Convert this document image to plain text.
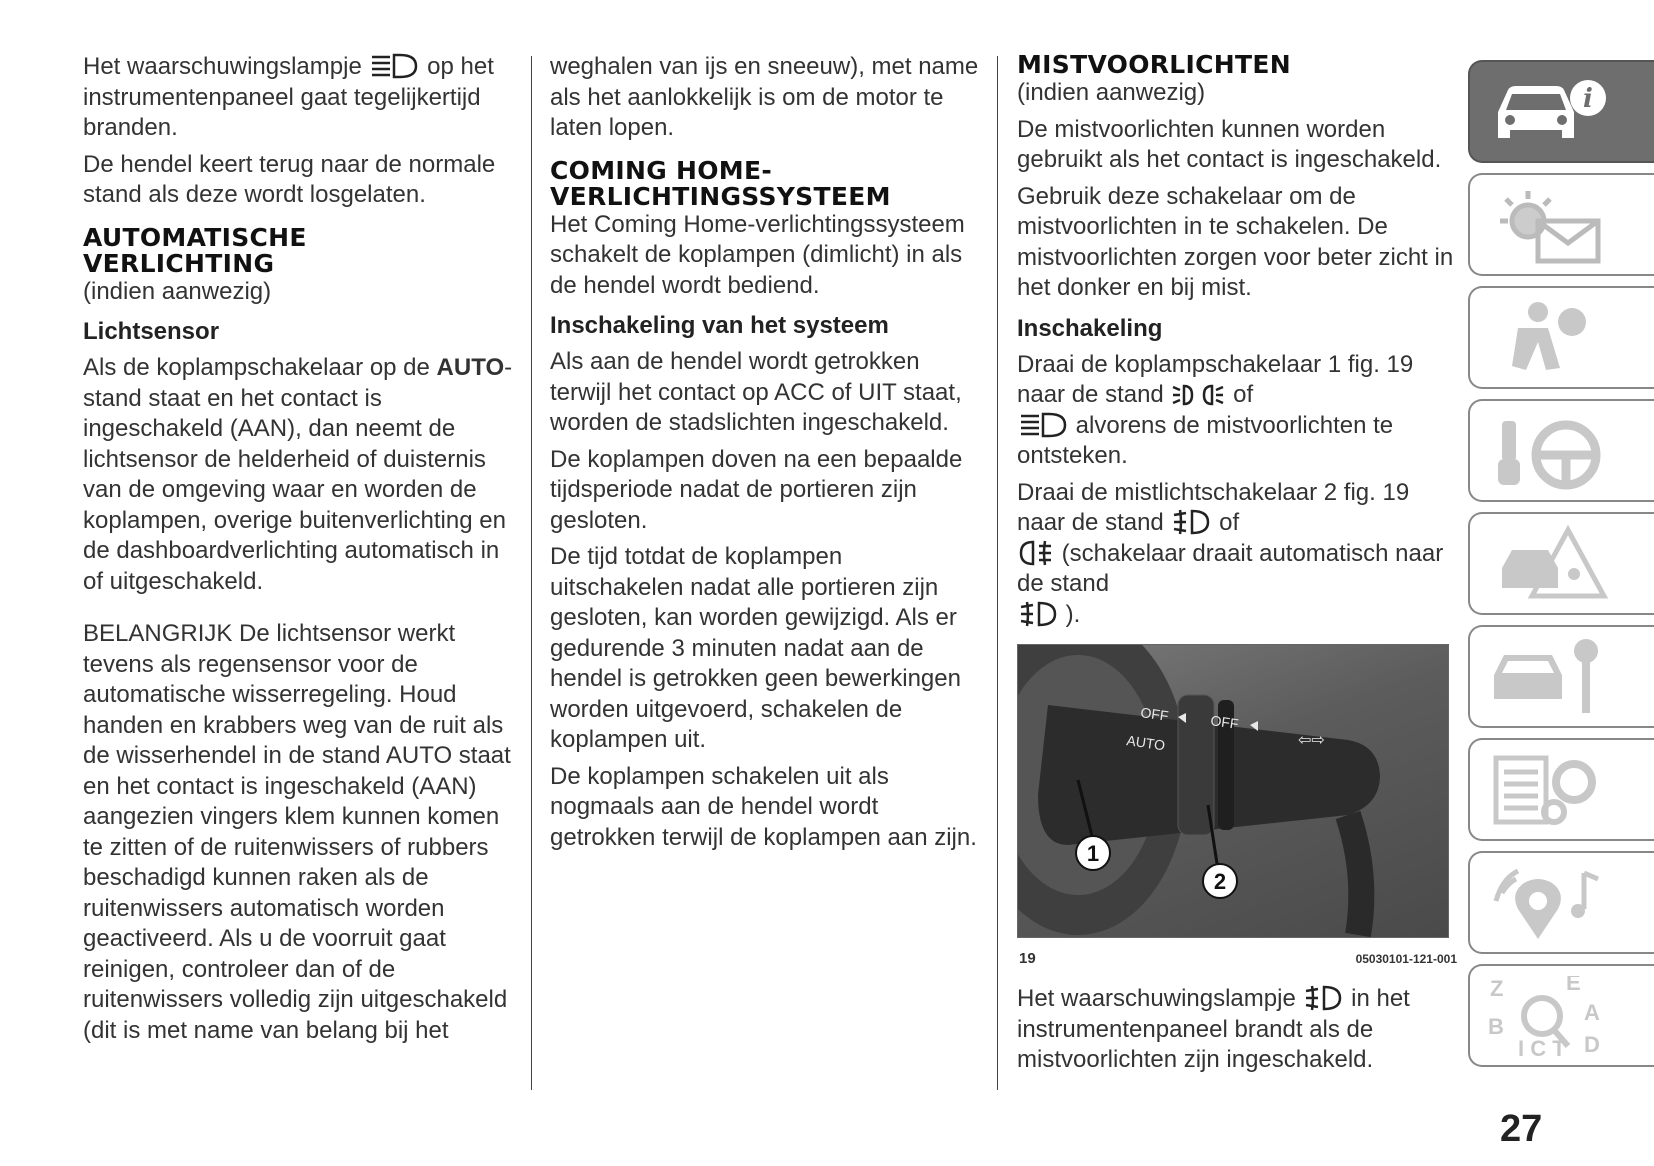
Het waarschuwingslampje	op het instrumentenpaneel gaat tegelijkertijd branden.

De hendel keert terug naar de normale stand als deze wordt losgelaten.

AUTOMATISCHE
VERLICHTING

(indien aanwezig)

Lichtsensor

Als de koplampschakelaar op de AUTO-stand staat en het contact is ingeschakeld (AAN), dan neemt de lichtsensor de helderheid of duisternis van de omgeving waar en worden de koplampen, overige buitenverlichting en de dashboardverlichting automatisch in of uitgeschakeld.

BELANGRIJK De lichtsensor werkt tevens als regensensor voor de automatische wisserregeling. Houd handen en krabbers weg van de ruit als de wisserhendel in de stand AUTO staat en het contact is ingeschakeld (AAN) aangezien vingers klem kunnen komen te zitten of de ruitenwissers of rubbers beschadigd kunnen raken als de ruitenwissers automatisch worden geactiveerd. Als u de voorruit gaat reinigen, controleer dan of de ruitenwissers volledig zijn uitgeschakeld (dit is met name van belang bij het

weghalen van ijs en sneeuw), met name als het aanlokkelijk is om de motor te laten lopen.

COMING HOME-
VERLICHTINGSSYSTEEM

Het Coming Home-verlichtingssysteem schakelt de koplampen (dimlicht) in als de hendel wordt bediend.

Inschakeling van het systeem

Als aan de hendel wordt getrokken terwijl het contact op ACC of UIT staat, worden de stadslichten ingeschakeld.

De koplampen doven na een bepaalde tijdsperiode nadat de portieren zijn gesloten.

De tijd totdat de koplampen uitschakelen nadat alle portieren zijn gesloten, kan worden gewijzigd. Als er gedurende 3 minuten nadat aan de hendel is getrokken geen bewerkingen worden uitgevoerd, schakelen de koplampen uit.

De koplampen schakelen uit als nogmaals aan de hendel wordt getrokken terwijl de koplampen aan zijn.

MISTVOORLICHTEN

(indien aanwezig)

De mistvoorlichten kunnen worden gebruikt als het contact is ingeschakeld.

Gebruik deze schakelaar om de mistvoorlichten in te schakelen. De mistvoorlichten zorgen voor beter zicht in het donker en bij mist.

Inschakeling

Draai de koplampschakelaar 1 fig. 19 naar de stand	of
alvorens de mistvoorlichten te ontsteken.

Draai de mistlichtschakelaar 2 fig. 19 naar de stand of
(schakelaar draait automatisch naar de stand
).

1
2
OFF	OFF
AUTO	⇦⇨
19	05030101-121-001

Het waarschuwingslampje in het instrumentenpaneel brandt als de mistvoorlichten zijn ingeschakeld.

i
Z	E
A
B
D
I C T
27
